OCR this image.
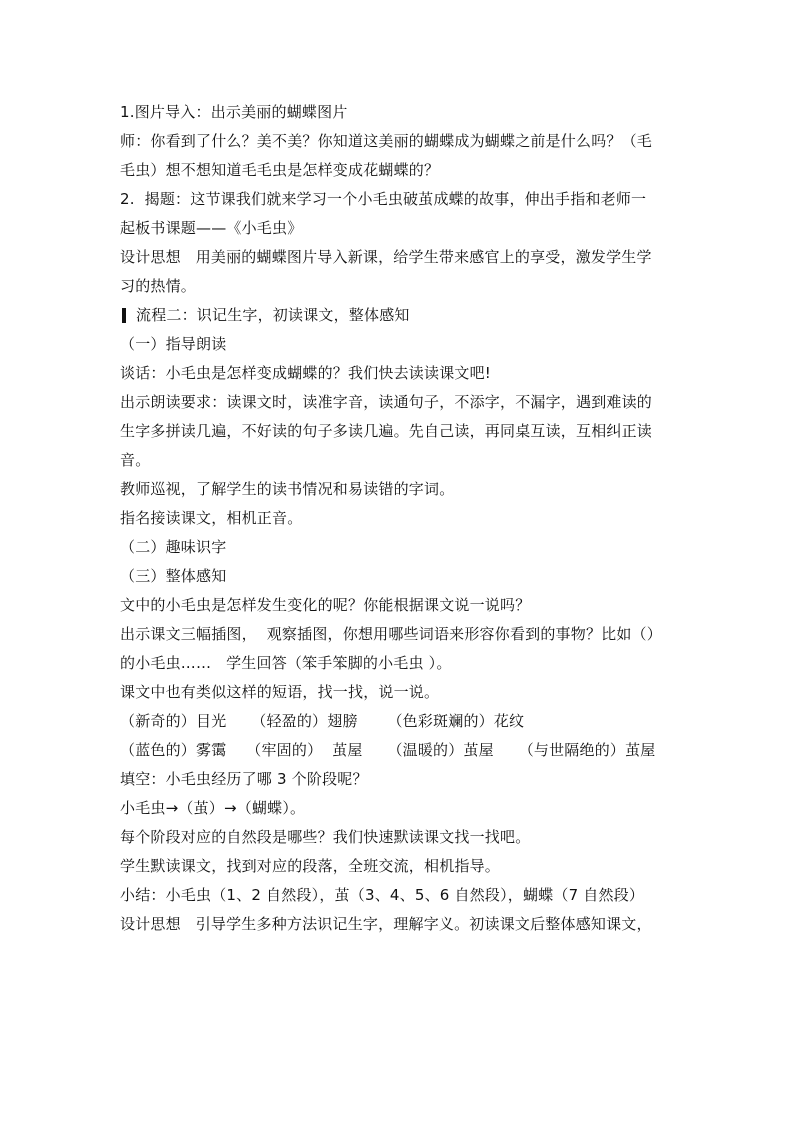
1.图片导入：出示美丽的蝴蝶图片
师：你看到了什么？美不美？你知道这美丽的蝴蝶成为蝴蝶之前是什么吗？（毛
毛虫）想不想知道毛毛虫是怎样变成花蝴蝶的？
2.  揭题：这节课我们就来学习一个小毛虫破茧成蝶的故事，伸出手指和老师一
起板书课题——《小毛虫》
设计思想   用美丽的蝴蝶图片导入新课，给学生带来感官上的享受，激发学生学
习的热情。
流程二：识记生字，初读课文，整体感知
（一）指导朗读
谈话：小毛虫是怎样变成蝴蝶的？我们快去读读课文吧!
出示朗读要求：读课文时，读准字音，读通句子，不添字，不漏字，遇到难读的
生字多拼读几遍，不好读的句子多读几遍。先自己读，再同桌互读，互相纠正读
音。
教师巡视，了解学生的读书情况和易读错的字词。
指名接读课文，相机正音。
（二）趣味识字
（三）整体感知
文中的小毛虫是怎样发生变化的呢？你能根据课文说一说吗？
出示课文三幅插图，  观察插图，你想用哪些词语来形容你看到的事物？比如（）
的小毛虫……   学生回答（笨手笨脚的小毛虫 ）。
课文中也有类似这样的短语，找一找，说一说。
（新奇的）目光     （轻盈的）翅膀      （色彩斑斓的）花纹
（蓝色的）雾霭    （牢固的）  茧屋     （温暖的）茧屋     （与世隔绝的）茧屋
填空：小毛虫经历了哪 3 个阶段呢？
小毛虫→（茧）→（蝴蝶）。
每个阶段对应的自然段是哪些？我们快速默读课文找一找吧。
学生默读课文，找到对应的段落，全班交流，相机指导。
小结：小毛虫（1、2 自然段），茧（3、4、5、6 自然段），蝴蝶（7 自然段）
设计思想   引导学生多种方法识记生字，理解字义。初读课文后整体感知课文，
